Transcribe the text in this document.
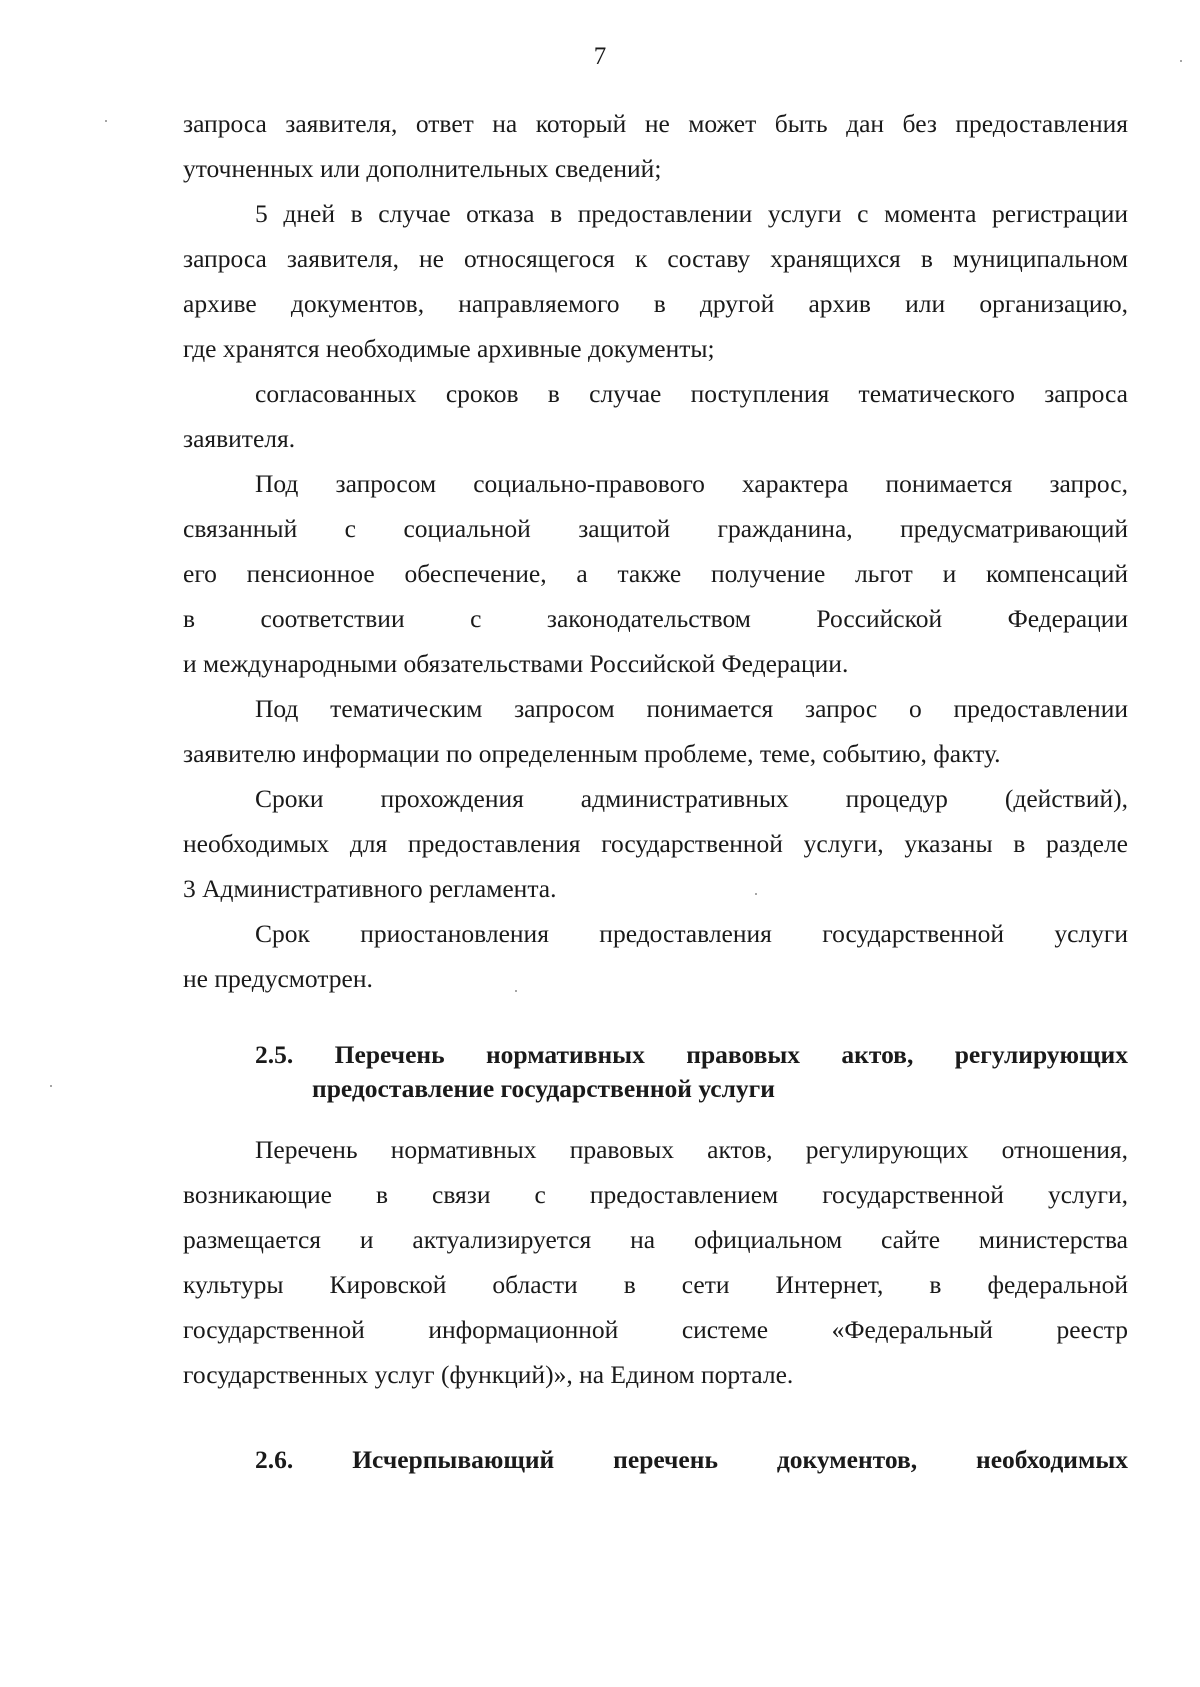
7

запроса заявителя, ответ на который не может быть дан без предоставления

уточненных или дополнительных сведений;

5 дней в случае отказа в предоставлении услуги с момента регистрации

запроса заявителя, не относящегося к составу хранящихся в муниципальном

архиве документов, направляемого в другой архив или организацию,

где хранятся необходимые архивные документы;

согласованных сроков в случае поступления тематического запроса

заявителя.

Под запросом социально-правового характера понимается запрос,

связанный с социальной защитой гражданина, предусматривающий

его пенсионное обеспечение, а также получение льгот и компенсаций

в соответствии с законодательством Российской Федерации

и международными обязательствами Российской Федерации.

Под тематическим запросом понимается запрос о предоставлении

заявителю информации по определенным проблеме, теме, событию, факту.

Сроки прохождения административных процедур (действий),

необходимых для предоставления государственной услуги, указаны в разделе

3 Административного регламента.

Срок приостановления предоставления государственной услуги

не предусмотрен.

2.5. Перечень нормативных правовых актов, регулирующих

предоставление государственной услуги

Перечень нормативных правовых актов, регулирующих отношения,

возникающие в связи с предоставлением государственной услуги,

размещается и актуализируется на официальном сайте министерства

культуры Кировской области в сети Интернет, в федеральной

государственной информационной системе «Федеральный реестр

государственных услуг (функций)», на Едином портале.

2.6. Исчерпывающий перечень документов, необходимых
